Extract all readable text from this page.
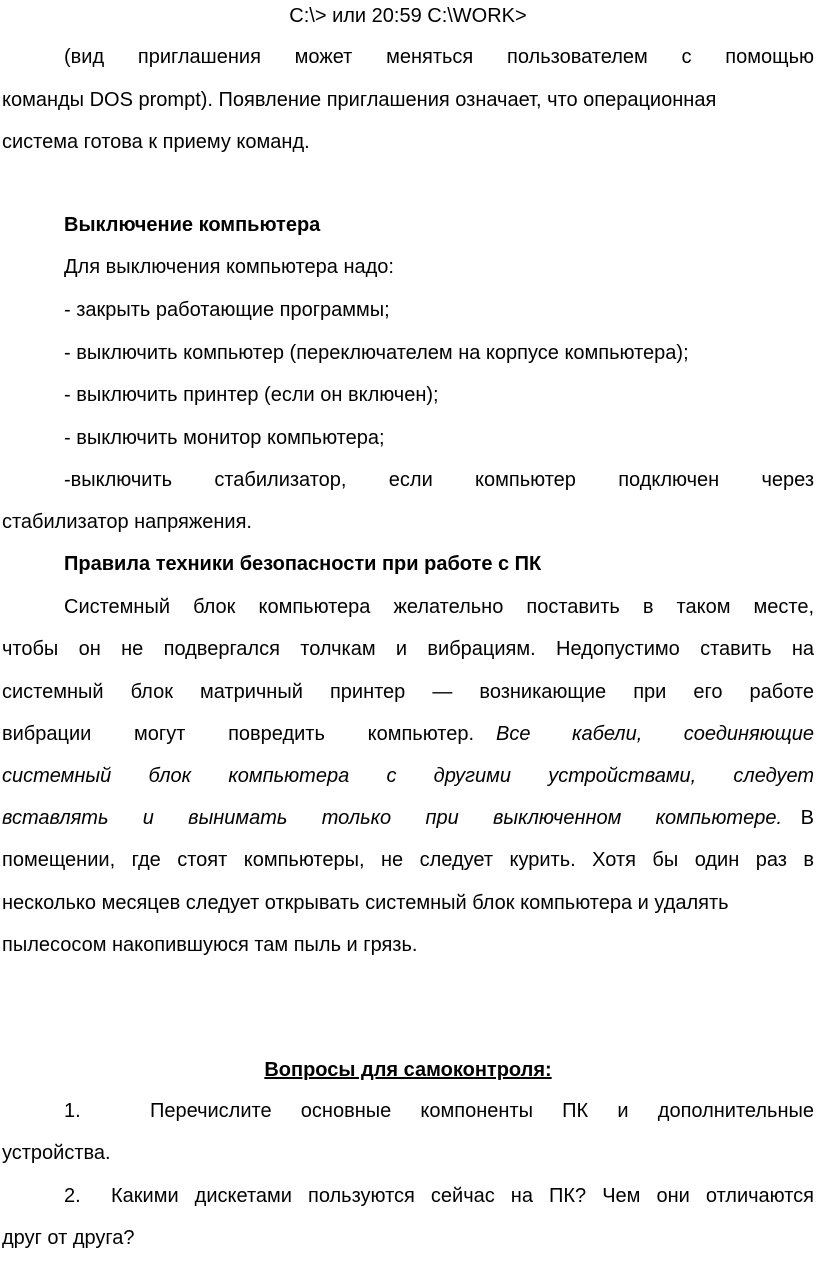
C:\> или 20:59 C:\WORK>
(вид приглашения может меняться пользователем с помощью
команды DOS prompt). Появление приглашения означает, что операционная
система готова к приему команд.
Выключение компьютера
Для выключения компьютера надо:
- закрыть работающие программы;
- выключить компьютер (переключателем на корпусе компьютера);
- выключить принтер (если он включен);
- выключить монитор компьютера;
-выключить стабилизатор, если компьютер подключен через
стабилизатор напряжения.
Правила техники безопасности при работе с ПК
Системный блок компьютера желательно поставить в таком месте,
чтобы он не подвергался толчкам и вибрациям. Недопустимо ставить на
системный блок матричный принтер — возникающие при его работе
вибрации могут повредить компьютер. Все кабели, соединяющие
системный блок компьютера с другими устройствами, следует
вставлять и вынимать только при выключенном компьютере. В
помещении, где стоят компьютеры, не следует курить. Хотя бы один раз в
несколько месяцев следует открывать системный блок компьютера и удалять
пылесосом накопившуюся там пыль и грязь.
Вопросы для самоконтроля:
1.	Перечислите основные компоненты ПК и дополнительные
устройства.
2.	Какими дискетами пользуются сейчас на ПК? Чем они отличаются
друг от друга?
